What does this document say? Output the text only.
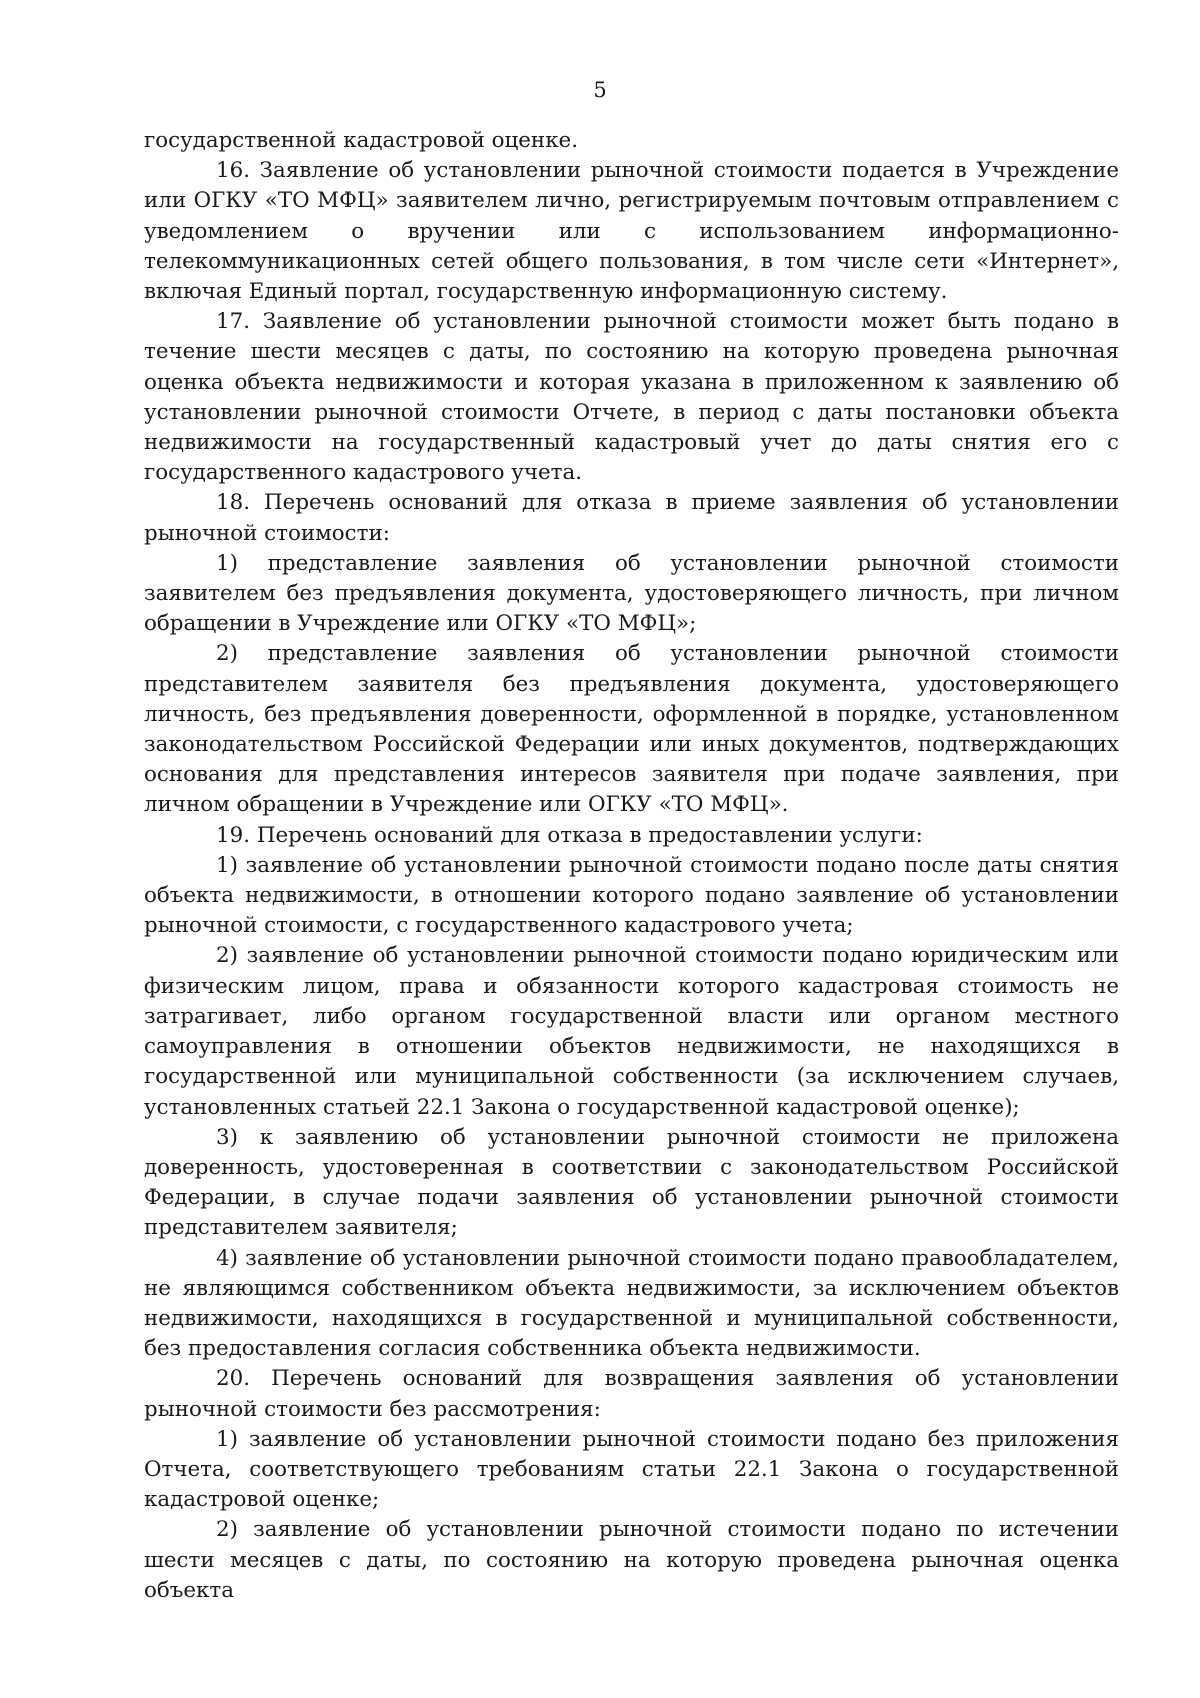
5

государственной кадастровой оценке.

16. Заявление об установлении рыночной стоимости подается в Учреждение или ОГКУ «ТО МФЦ» заявителем лично, регистрируемым почтовым отправлением с уведомлением о вручении или с использованием информационно-телекоммуникационных сетей общего пользования, в том числе сети «Интернет», включая Единый портал, государственную информационную систему.

17. Заявление об установлении рыночной стоимости может быть подано в течение шести месяцев с даты, по состоянию на которую проведена рыночная оценка объекта недвижимости и которая указана в приложенном к заявлению об установлении рыночной стоимости Отчете, в период с даты постановки объекта недвижимости на государственный кадастровый учет до даты снятия его с государственного кадастрового учета.

18. Перечень оснований для отказа в приеме заявления об установлении рыночной стоимости:

1) представление заявления об установлении рыночной стоимости заявителем без предъявления документа, удостоверяющего личность, при личном обращении в Учреждение или ОГКУ «ТО МФЦ»;

2) представление заявления об установлении рыночной стоимости представителем заявителя без предъявления документа, удостоверяющего личность, без предъявления доверенности, оформленной в порядке, установленном законодательством Российской Федерации или иных документов, подтверждающих основания для представления интересов заявителя при подаче заявления, при личном обращении в Учреждение или ОГКУ «ТО МФЦ».

19. Перечень оснований для отказа в предоставлении услуги:

1) заявление об установлении рыночной стоимости подано после даты снятия объекта недвижимости, в отношении которого подано заявление об установлении рыночной стоимости, с государственного кадастрового учета;

2) заявление об установлении рыночной стоимости подано юридическим или физическим лицом, права и обязанности которого кадастровая стоимость не затрагивает, либо органом государственной власти или органом местного самоуправления в отношении объектов недвижимости, не находящихся в государственной или муниципальной собственности (за исключением случаев, установленных статьей 22.1 Закона о государственной кадастровой оценке);

3) к заявлению об установлении рыночной стоимости не приложена доверенность, удостоверенная в соответствии с законодательством Российской Федерации, в случае подачи заявления об установлении рыночной стоимости представителем заявителя;

4) заявление об установлении рыночной стоимости подано правообладателем, не являющимся собственником объекта недвижимости, за исключением объектов недвижимости, находящихся в государственной и муниципальной собственности, без предоставления согласия собственника объекта недвижимости.

20. Перечень оснований для возвращения заявления об установлении рыночной стоимости без рассмотрения:

1) заявление об установлении рыночной стоимости подано без приложения Отчета, соответствующего требованиям статьи 22.1 Закона о государственной кадастровой оценке;

2) заявление об установлении рыночной стоимости подано по истечении шести месяцев с даты, по состоянию на которую проведена рыночная оценка объекта
